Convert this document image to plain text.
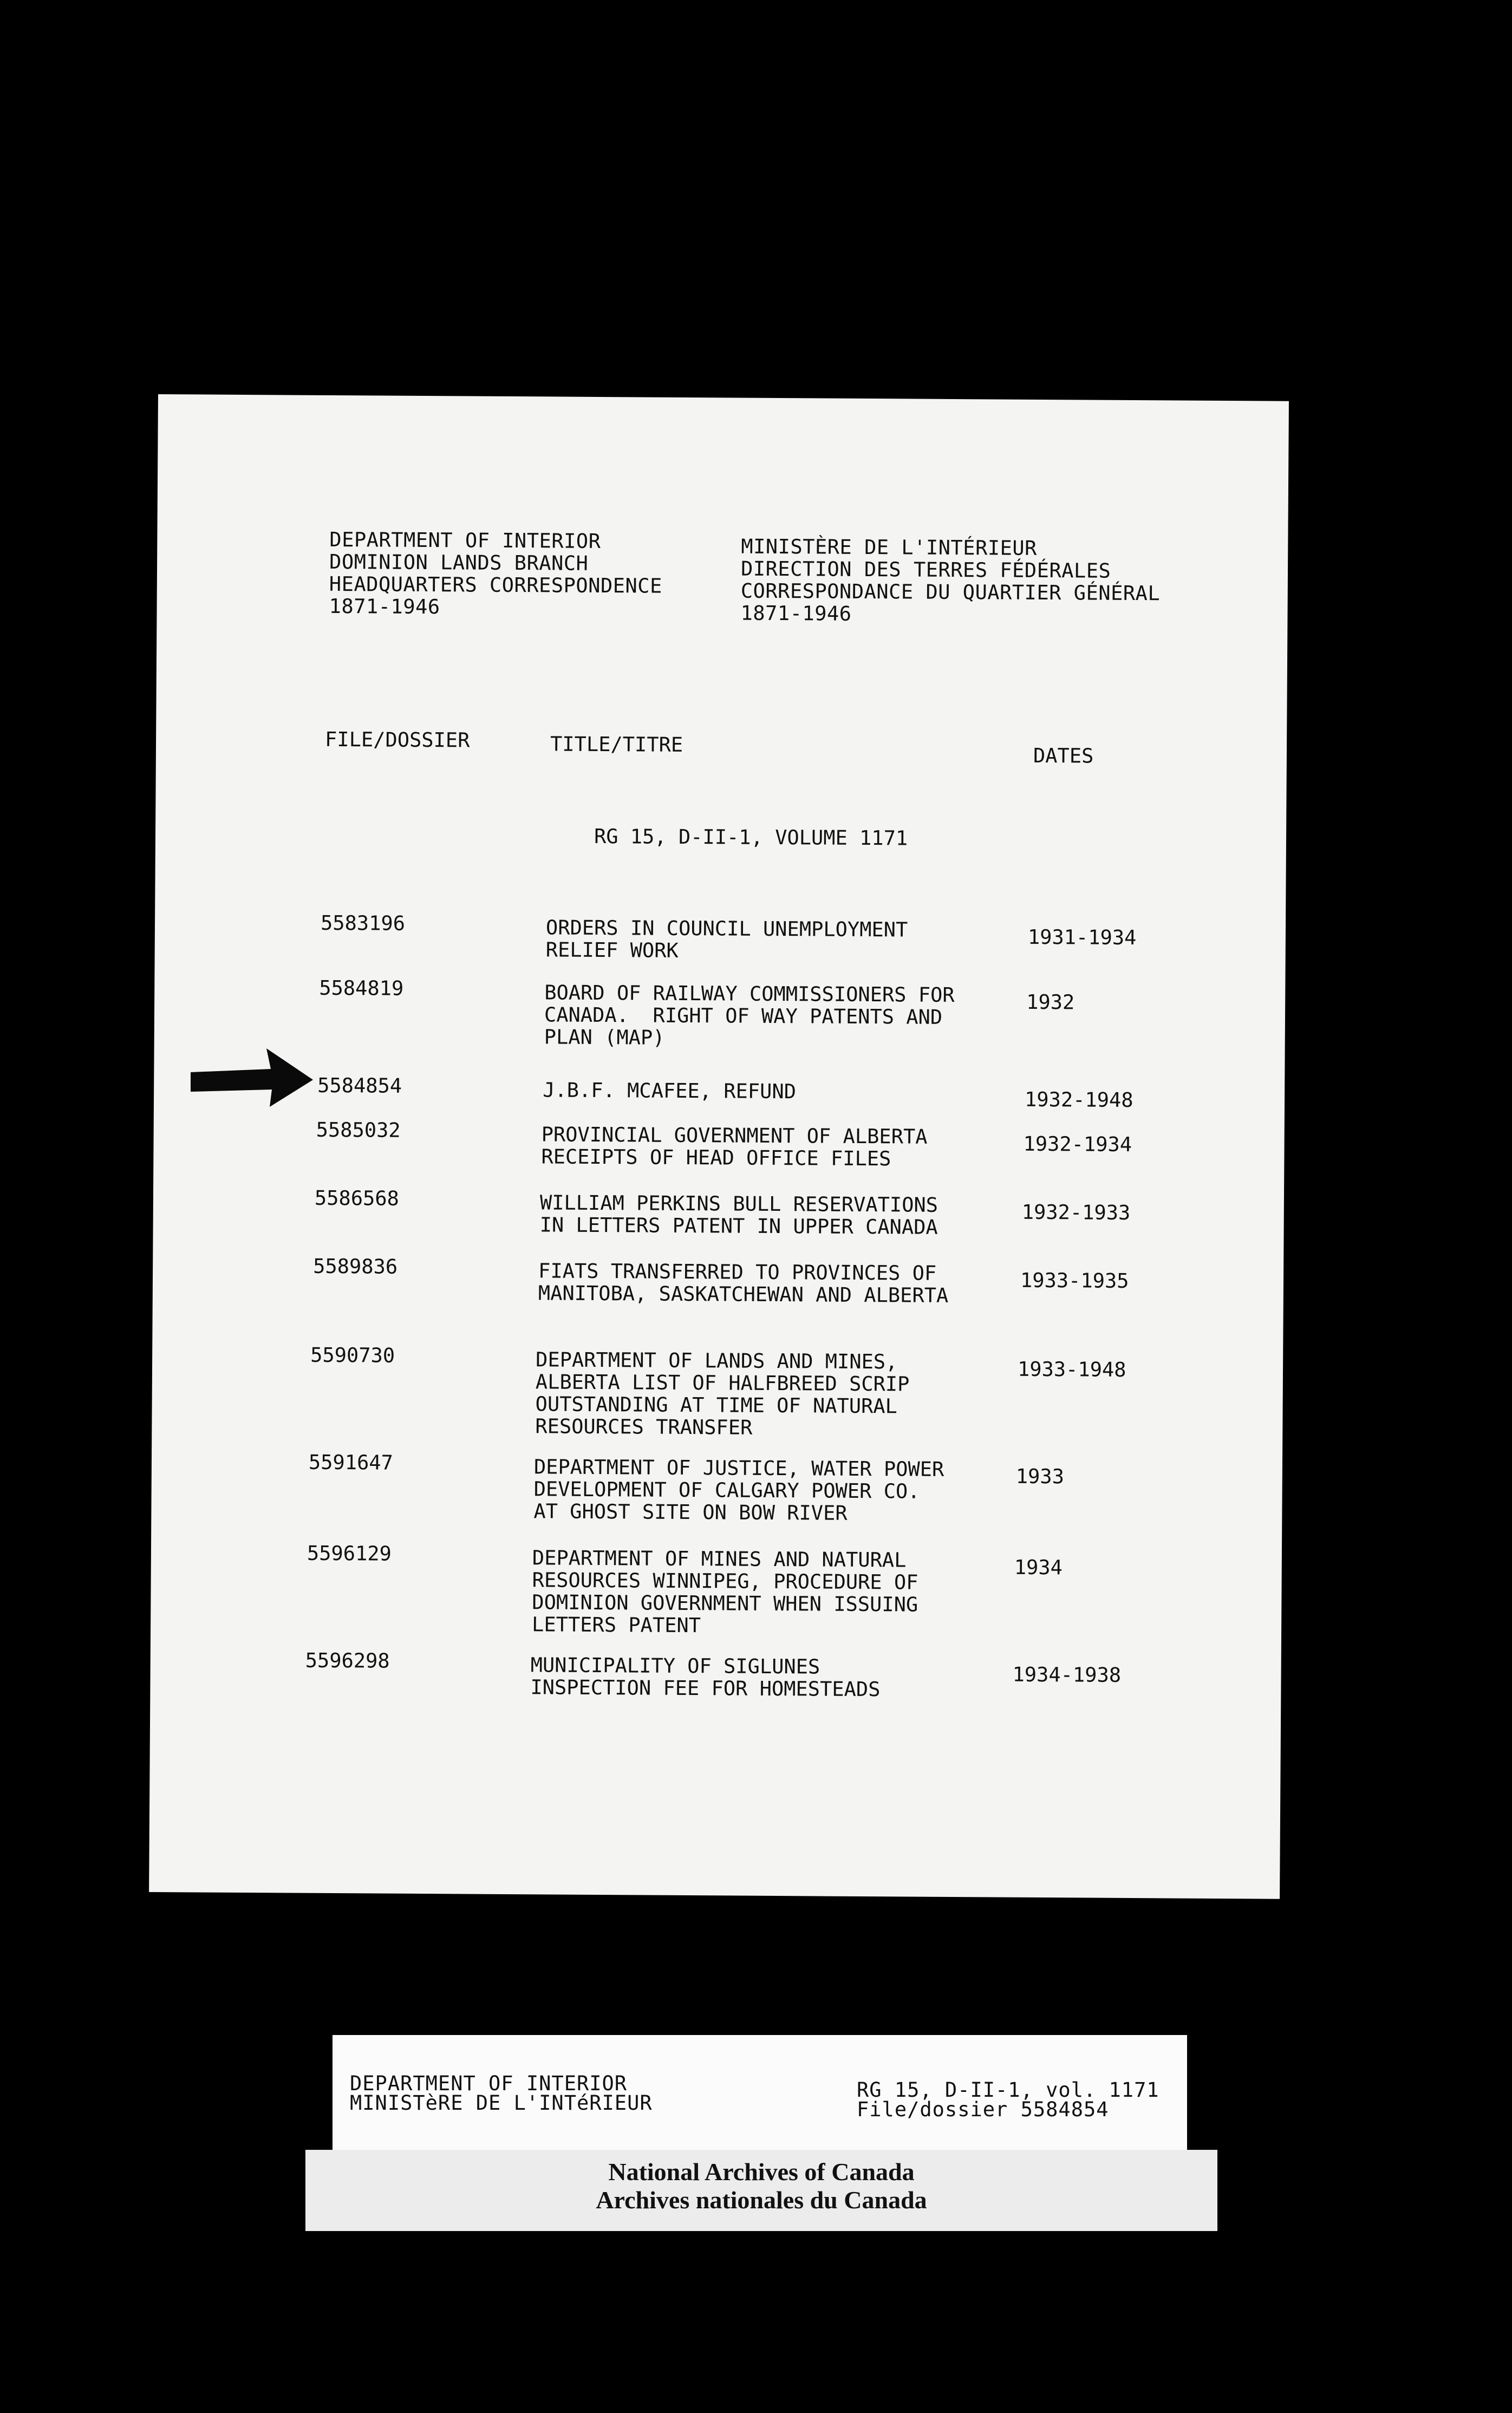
DEPARTMENT OF INTERIOR
DOMINION LANDS BRANCH
HEADQUARTERS CORRESPONDENCE
1871-1946
MINISTÈRE DE L'INTÉRIEUR
DIRECTION DES TERRES FÉDÉRALES
CORRESPONDANCE DU QUARTIER GÉNÉRAL
1871-1946
FILE/DOSSIER	TITLE/TITRE	DATES
RG 15, D-II-1, VOLUME 1171
5583196	ORDERS IN COUNCIL UNEMPLOYMENT
RELIEF WORK
1931-1934
5584819	BOARD OF RAILWAY COMMISSIONERS FOR
CANADA.  RIGHT OF WAY PATENTS AND
PLAN (MAP)
1932
5584854	J.B.F. MCAFEE, REFUND	1932-1948
5585032	PROVINCIAL GOVERNMENT OF ALBERTA
RECEIPTS OF HEAD OFFICE FILES
1932-1934
5586568	WILLIAM PERKINS BULL RESERVATIONS
IN LETTERS PATENT IN UPPER CANADA
1932-1933
5589836	FIATS TRANSFERRED TO PROVINCES OF
MANITOBA, SASKATCHEWAN AND ALBERTA
1933-1935
5590730	DEPARTMENT OF LANDS AND MINES,
ALBERTA LIST OF HALFBREED SCRIP
OUTSTANDING AT TIME OF NATURAL
RESOURCES TRANSFER
1933-1948
5591647	DEPARTMENT OF JUSTICE, WATER POWER
DEVELOPMENT OF CALGARY POWER CO.
AT GHOST SITE ON BOW RIVER
1933
5596129	DEPARTMENT OF MINES AND NATURAL
RESOURCES WINNIPEG, PROCEDURE OF
DOMINION GOVERNMENT WHEN ISSUING
LETTERS PATENT
1934
5596298	MUNICIPALITY OF SIGLUNES
INSPECTION FEE FOR HOMESTEADS
1934-1938
DEPARTMENT OF INTERIOR
MINISTèRE DE L'INTéRIEUR
RG 15, D-II-1, vol. 1171
File/dossier 5584854
National Archives of Canada
Archives nationales du Canada
